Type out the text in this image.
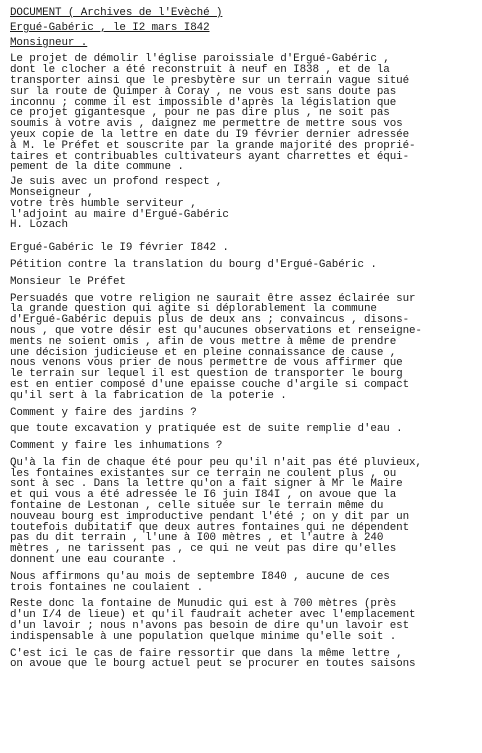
DOCUMENT ( Archives de l'Evèché )
Ergué-Gabéric , le I2 mars I842
Monsigneur .
Le projet de démolir l'église paroissiale d'Ergué-Gabéric ,
dont le clocher a été reconstruit à neuf en I838 , et de la
transporter ainsi que le presbytère sur un terrain vague situé
sur la route de Quimper à Coray , ne vous est sans doute pas
inconnu ; comme il est impossible d'après la législation que
ce projet gigantesque , pour ne pas dire plus , ne soit pas
soumis à votre avis , daignez me permettre de mettre sous vos
yeux copie de la lettre en date du I9 février dernier adressée
à M. le Préfet et souscrite par la grande majorité des proprié-
taires et contribuables cultivateurs ayant charrettes et équi-
pement de la dite commune .
Je suis avec un profond respect ,
Monseigneur ,
votre très humble serviteur ,
l'adjoint au maire d'Ergué-Gabéric
H. Lozach
Ergué-Gabéric le I9 février I842 .
Pétition contre la translation du bourg d'Ergué-Gabéric .
Monsieur le Préfet
Persuadés que votre religion ne saurait être assez éclairée sur
la grande question qui agite si déplorablement la commune
d'Ergué-Gabéric depuis plus de deux ans ; convaincus , disons-
nous , que votre désir est qu'aucunes observations et renseigne-
ments ne soient omis , afin de vous mettre à même de prendre
une décision judicieuse et en pleine connaissance de cause ,
nous venons vous prier de nous permettre de vous affirmer que
le terrain sur lequel il est question de transporter le bourg
est en entier composé d'une epaisse couche d'argile si compact
qu'il sert à la fabrication de la poterie .
Comment y faire des jardins ?
que toute excavation y pratiquée est de suite remplie d'eau .
Comment y faire les inhumations ?
Qu'à la fin de chaque été pour peu qu'il n'ait pas été pluvieux,
les fontaines existantes sur ce terrain ne coulent plus , ou
sont à sec . Dans la lettre qu'on a fait signer à Mr le Maire
et qui vous a été adressée le I6 juin I84I , on avoue que la
fontaine de Lestonan , celle située sur le terrain même du
nouveau bourg est improductive pendant l'été ; on y dit par un
toutefois dubitatif que deux autres fontaines qui ne dépendent
pas du dit terrain , l'une à I00 mètres , et l'autre à 240
mètres , ne tarissent pas , ce qui ne veut pas dire qu'elles
donnent une eau courante .
Nous affirmons qu'au mois de septembre I840 , aucune de ces
trois fontaines ne coulaient .
Reste donc la fontaine de Munudic qui est à 700 mètres (près
d'un I/4 de lieue) et qu'il faudrait acheter avec l'emplacement
d'un lavoir ; nous n'avons pas besoin de dire qu'un lavoir est
indispensable à une population quelque minime qu'elle soit .
C'est ici le cas de faire ressortir que dans la même lettre ,
on avoue que le bourg actuel peut se procurer en toutes saisons
